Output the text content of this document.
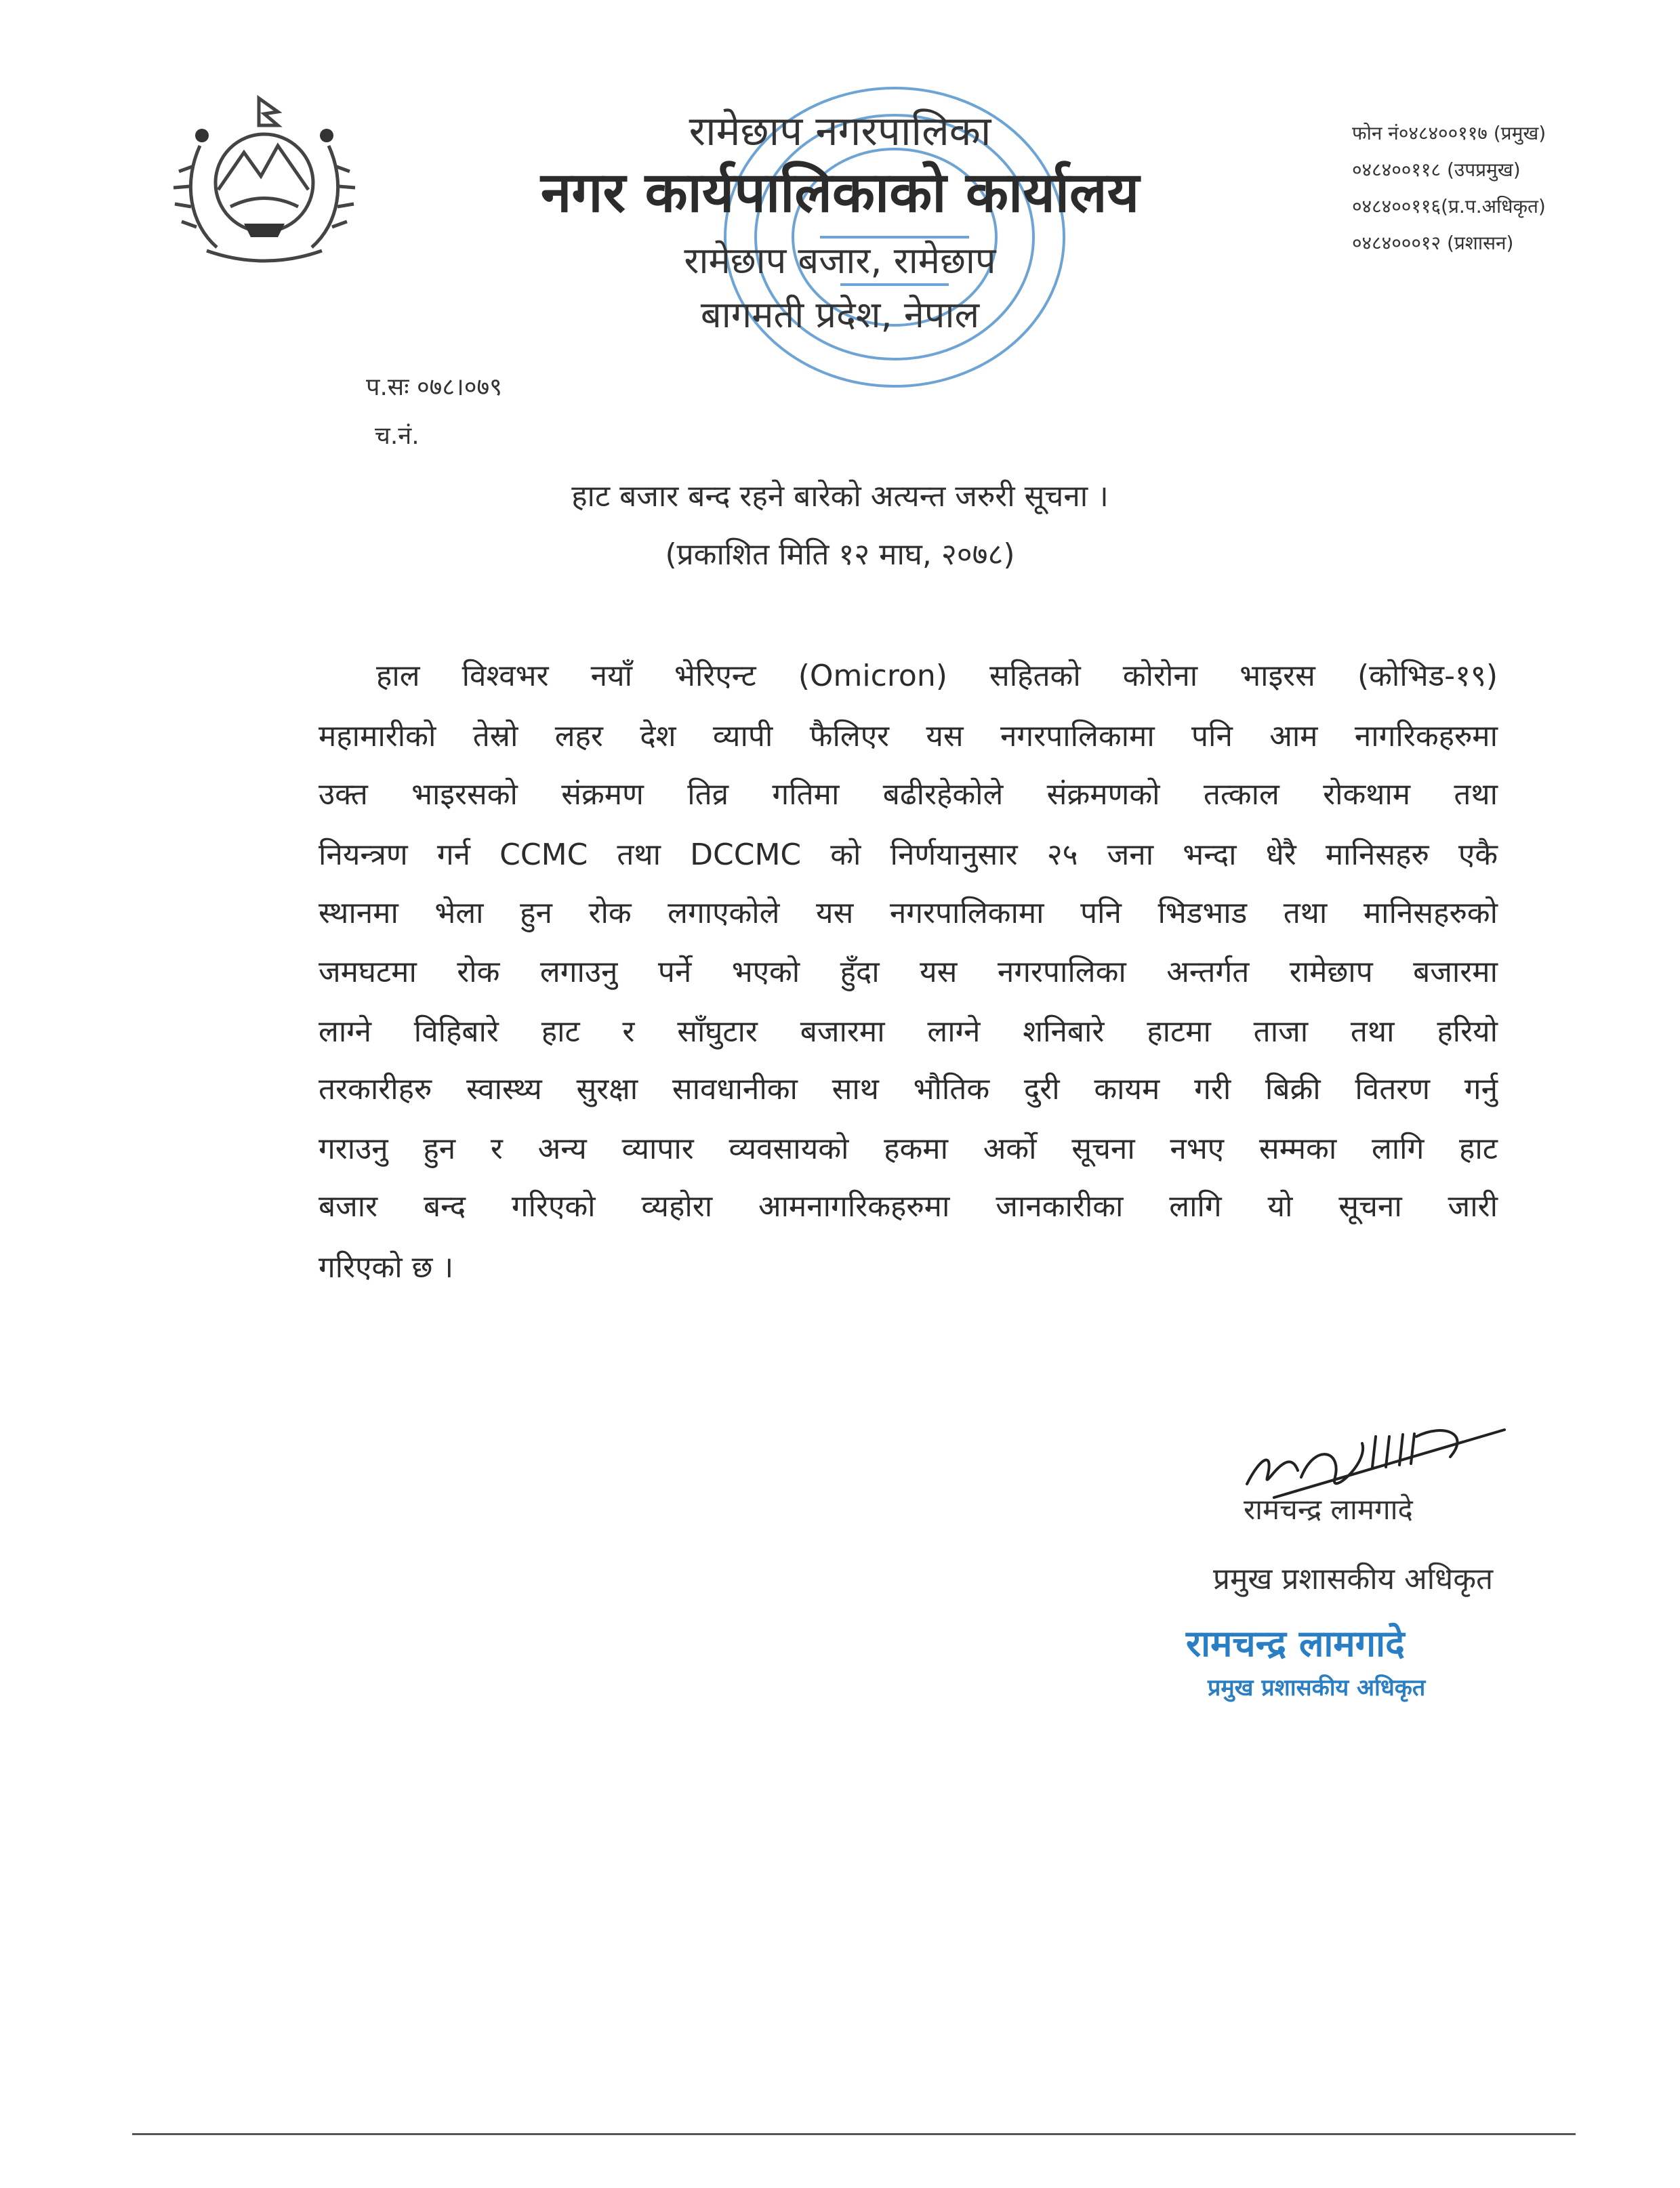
रामेछाप नगरपालिका
नगर कार्यपालिकाको कार्यालय
रामेछाप बजार, रामेछाप
बागमती प्रदेश, नेपाल
फोन नं०४८४००११७ (प्रमुख)
०४८४००११८ (उपप्रमुख)
०४८४००११६(प्र.प.अधिकृत)
०४८४०००१२ (प्रशासन)
प.सः ०७८।०७९
च.नं.
हाट बजार बन्द रहने बारेको अत्यन्त जरुरी सूचना ।
(प्रकाशित मिति १२ माघ, २०७८)
हाल विश्वभर नयाँ भेरिएन्ट (Omicron) सहितको कोरोना भाइरस (कोभिड-१९)
महामारीको तेस्रो लहर देश व्यापी फैलिएर यस नगरपालिकामा पनि आम नागरिकहरुमा
उक्त भाइरसको संक्रमण तिव्र गतिमा बढीरहेकोले संक्रमणको तत्काल रोकथाम तथा
नियन्त्रण गर्न CCMC तथा DCCMC को निर्णयानुसार २५ जना भन्दा धेरै मानिसहरु एकै
स्थानमा भेला हुन रोक लगाएकोले यस नगरपालिकामा पनि भिडभाड तथा मानिसहरुको
जमघटमा रोक लगाउनु पर्ने भएको हुँदा यस नगरपालिका अन्तर्गत रामेछाप बजारमा
लाग्ने विहिबारे हाट र साँघुटार बजारमा लाग्ने शनिबारे हाटमा ताजा तथा हरियो
तरकारीहरु स्वास्थ्य सुरक्षा सावधानीका साथ भौतिक दुरी कायम गरी बिक्री वितरण गर्नु
गराउनु हुन र अन्य व्यापार व्यवसायको हकमा अर्को सूचना नभए सम्मका लागि हाट
बजार बन्द गरिएको व्यहोरा आमनागरिकहरुमा जानकारीका लागि यो सूचना जारी
गरिएको छ ।
रामचन्द्र लामगादे
प्रमुख प्रशासकीय अधिकृत
रामचन्द्र लामगादे
प्रमुख प्रशासकीय अधिकृत
